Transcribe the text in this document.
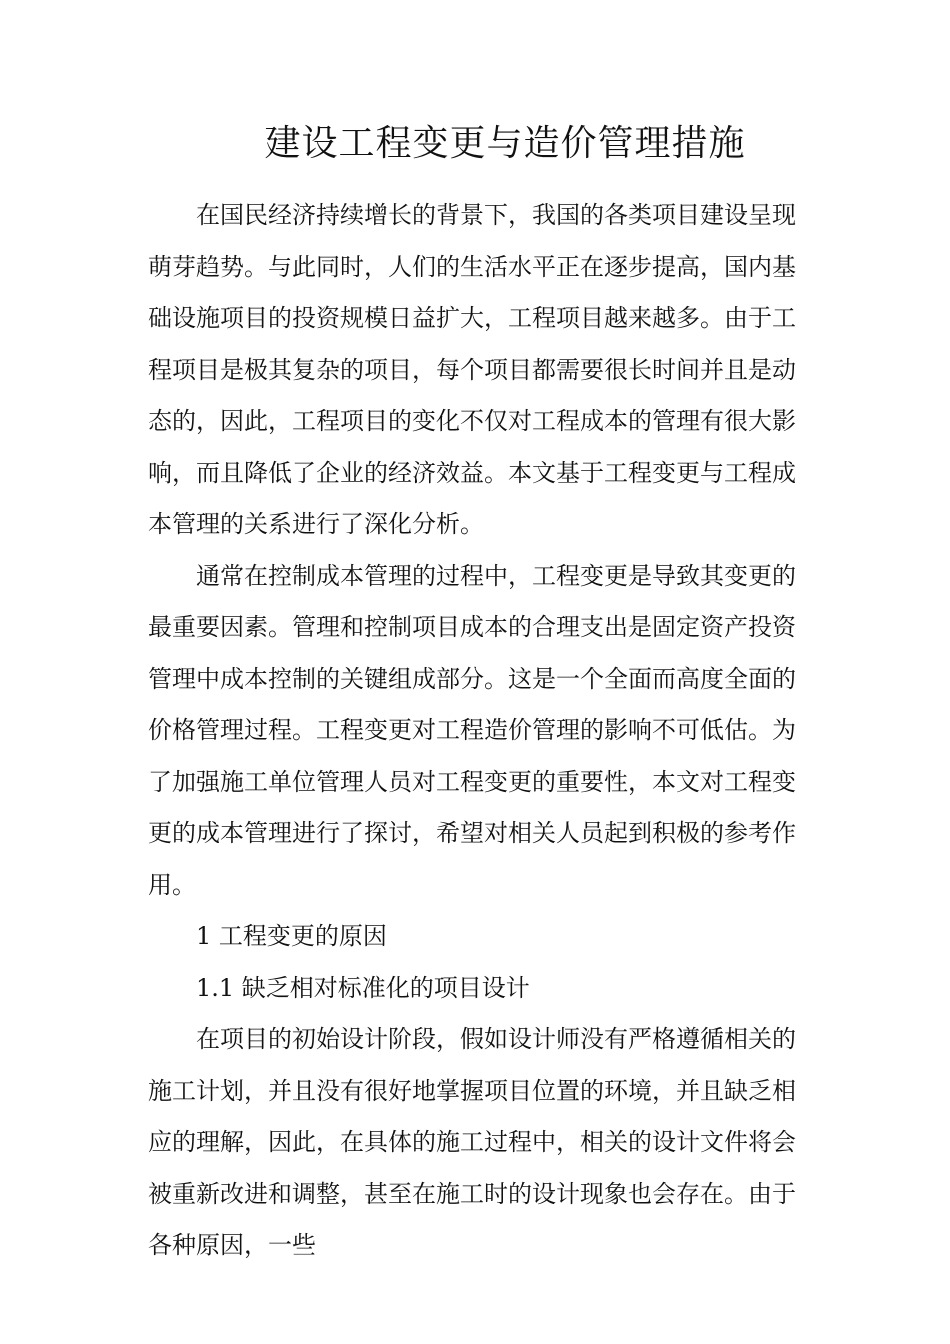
建设工程变更与造价管理措施

在国民经济持续增长的背景下，我国的各类项目建设呈现萌芽趋势。与此同时，人们的生活水平正在逐步提高，国内基础设施项目的投资规模日益扩大，工程项目越来越多。由于工程项目是极其复杂的项目，每个项目都需要很长时间并且是动态的，因此，工程项目的变化不仅对工程成本的管理有很大影响，而且降低了企业的经济效益。本文基于工程变更与工程成本管理的关系进行了深化分析。

通常在控制成本管理的过程中，工程变更是导致其变更的最重要因素。管理和控制项目成本的合理支出是固定资产投资管理中成本控制的关键组成部分。这是一个全面而高度全面的价格管理过程。工程变更对工程造价管理的影响不可低估。为了加强施工单位管理人员对工程变更的重要性，本文对工程变更的成本管理进行了探讨，希望对相关人员起到积极的参考作用。

1 工程变更的原因

1.1 缺乏相对标准化的项目设计

在项目的初始设计阶段，假如设计师没有严格遵循相关的施工计划，并且没有很好地掌握项目位置的环境，并且缺乏相应的理解，因此，在具体的施工过程中，相关的设计文件将会被重新改进和调整，甚至在施工时的设计现象也会存在。由于各种原因，一些
